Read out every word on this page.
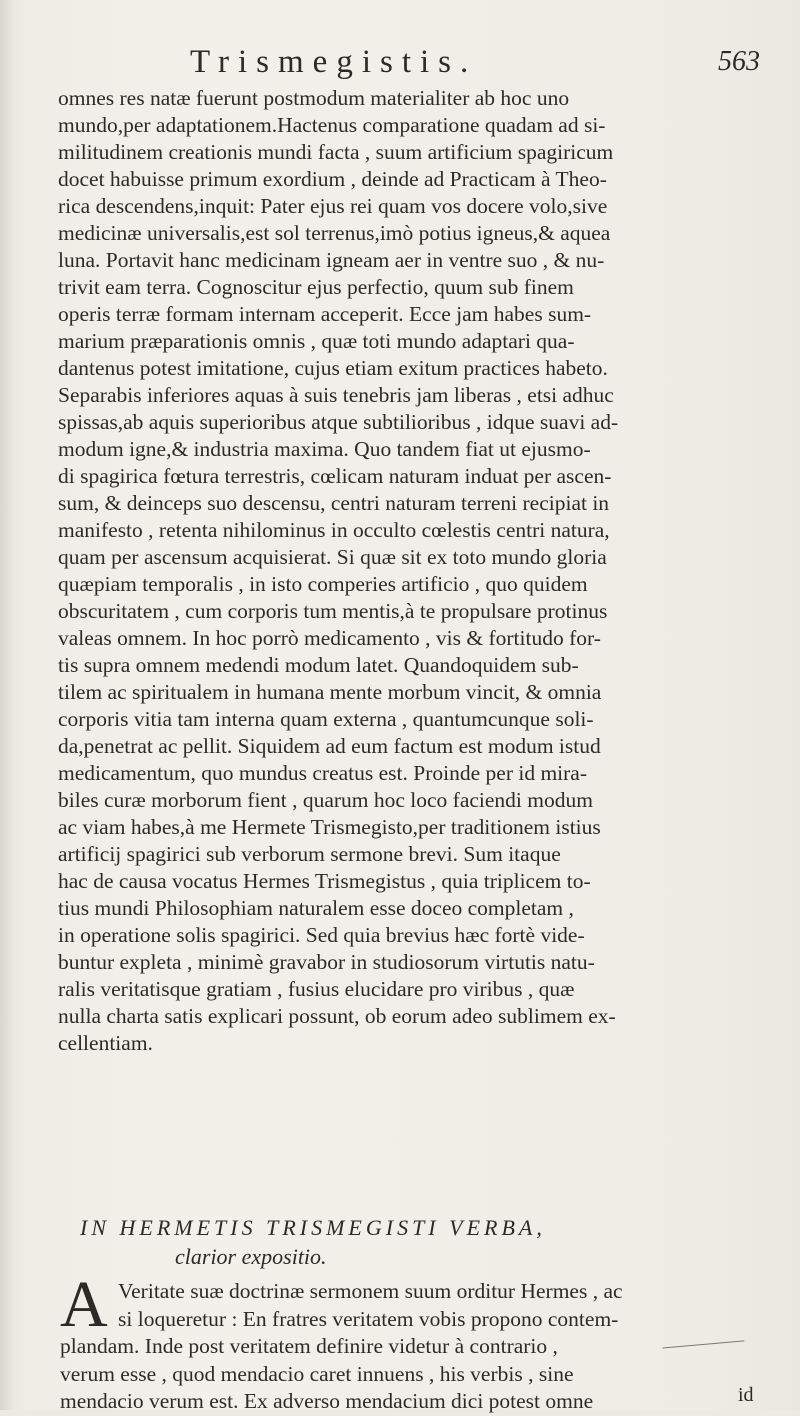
Trismegistis.	563
omnes res natæ fuerunt postmodum materialiter ab hoc uno
mundo,per adaptationem.Hactenus comparatione quadam ad si-
militudinem creationis mundi facta , suum artificium spagiricum
docet habuisse primum exordium , deinde ad Practicam à Theo-
rica descendens,inquit: Pater ejus rei quam vos docere volo,sive
medicinæ universalis,est sol terrenus,imò potius igneus,& aquea
luna. Portavit hanc medicinam igneam aer in ventre suo , & nu-
trivit eam terra. Cognoscitur ejus perfectio, quum sub finem
operis terræ formam internam acceperit. Ecce jam habes sum-
marium præparationis omnis , quæ toti mundo adaptari qua-
dantenus potest imitatione, cujus etiam exitum practices habeto.
Separabis inferiores aquas à suis tenebris jam liberas , etsi adhuc
spissas,ab aquis superioribus atque subtilioribus , idque suavi ad-
modum igne,& industria maxima. Quo tandem fiat ut ejusmo-
di spagirica fœtura terrestris, cœlicam naturam induat per ascen-
sum, & deinceps suo descensu, centri naturam terreni recipiat in
manifesto , retenta nihilominus in occulto cœlestis centri natura,
quam per ascensum acquisierat. Si quæ sit ex toto mundo gloria
quæpiam temporalis , in isto comperies artificio , quo quidem
obscuritatem , cum corporis tum mentis,à te propulsare protinus
valeas omnem. In hoc porrò medicamento , vis & fortitudo for-
tis supra omnem medendi modum latet. Quandoquidem sub-
tilem ac spiritualem in humana mente morbum vincit, & omnia
corporis vitia tam interna quam externa , quantumcunque soli-
da,penetrat ac pellit. Siquidem ad eum factum est modum istud
medicamentum, quo mundus creatus est. Proinde per id mira-
biles curæ morborum fient , quarum hoc loco faciendi modum
ac viam habes,à me Hermete Trismegisto,per traditionem istius
artificij spagirici sub verborum sermone brevi. Sum itaque
hac de causa vocatus Hermes Trismegistus , quia triplicem to-
tius mundi Philosophiam naturalem esse doceo completam ,
in operatione solis spagirici. Sed quia brevius hæc fortè vide-
buntur expleta , minimè gravabor in studiosorum virtutis natu-
ralis veritatisque gratiam , fusius elucidare pro viribus , quæ
nulla charta satis explicari possunt, ob eorum adeo sublimem ex-
cellentiam.
IN HERMETIS TRISMEGISTI VERBA,
clarior expositio.
A Veritate suæ doctrinæ sermonem suum orditur Hermes , ac
si loqueretur : En fratres veritatem vobis propono contem-
plandam. Inde post veritatem definire videtur à contrario ,
verum esse , quod mendacio caret innuens , his verbis , sine
mendacio verum est. Ex adverso mendacium dici potest omne	id
